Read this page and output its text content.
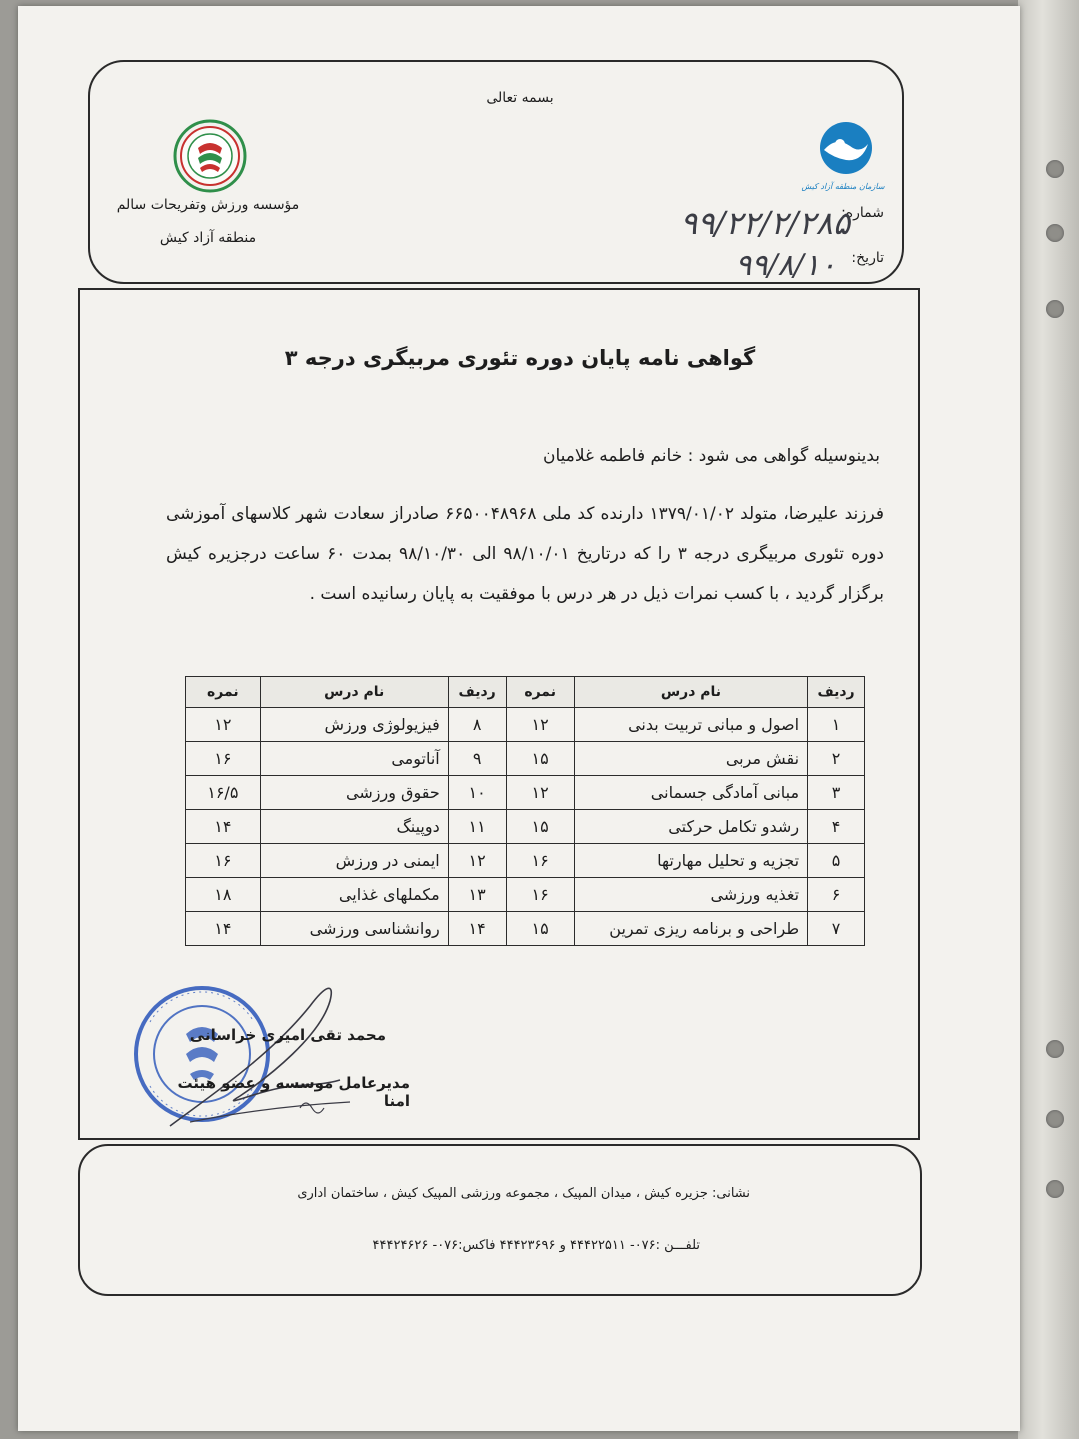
بسمه تعالی
مؤسسه ورزش وتفریحات سالم
منطقه آزاد کیش
سازمان منطقه آزاد کیش
شماره:
۹۹/۲۲/۲/۲۸۵
تاریخ:
۹۹/۸/۱۰
گواهی نامه پایان دوره تئوری مربیگری درجه ۳
بدینوسیله گواهی می شود : خانم فاطمه غلامیان
فرزند علیرضا، متولد ۱۳۷۹/۰۱/۰۲ دارنده کد ملی ۶۶۵۰۰۴۸۹۶۸ صادراز سعادت شهر کلاسهای آموزشی دوره تئوری مربیگری درجه ۳ را که درتاریخ ۹۸/۱۰/۰۱ الی ۹۸/۱۰/۳۰ بمدت ۶۰ ساعت درجزیره کیش برگزار گردید ، با کسب نمرات ذیل در هر درس با موفقیت به پایان رسانیده است .
ردیف	نام درس	نمره	ردیف	نام درس	نمره
۱	اصول و مبانی تربیت بدنی	۱۲	۸	فیزیولوژی ورزش	۱۲
۲	نقش مربی	۱۵	۹	آناتومی	۱۶
۳	مبانی آمادگی جسمانی	۱۲	۱۰	حقوق ورزشی	۱۶/۵
۴	رشدو تکامل حرکتی	۱۵	۱۱	دوپینگ	۱۴
۵	تجزیه و تحلیل مهارتها	۱۶	۱۲	ایمنی در ورزش	۱۶
۶	تغذیه ورزشی	۱۶	۱۳	مکملهای غذایی	۱۸
۷	طراحی و برنامه ریزی تمرین	۱۵	۱۴	روانشناسی ورزشی	۱۴
محمد تقی امیری خراسانی
مدیرعامل موسسه و عضو هیئت امنا
نشانی: جزیره کیش ، میدان المپیک ، مجموعه ورزشی المپیک کیش ، ساختمان اداری
تلفـــن :۰۷۶- ۴۴۴۲۲۵۱۱ و ۴۴۴۲۳۶۹۶ فاکس:۰۷۶- ۴۴۴۲۴۶۲۶
